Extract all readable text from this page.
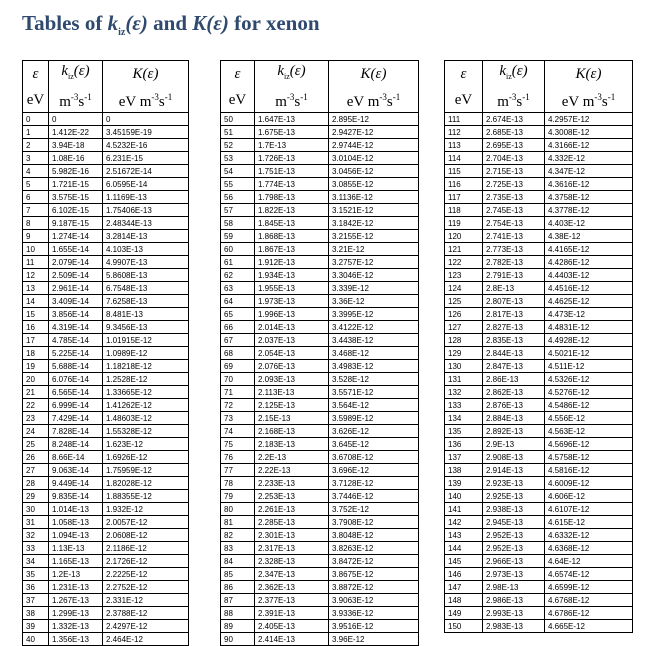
Tables of $k_{iz}(\varepsilon)$ and K(ε) for xenon
ε	$k_{iz}(\varepsilon)$	K(ε)
eV	$m^{-3}s^{-1}$	eV $m^{-3}s^{-1}$
0	0	0
1	1.412E-22	3.45159E-19
2	3.94E-18	4.5232E-16
3	1.08E-16	6.231E-15
4	5.982E-16	2.51672E-14
5	1.721E-15	6.0595E-14
6	3.575E-15	1.1169E-13
7	6.102E-15	1.75406E-13
8	9.187E-15	2.48344E-13
9	1.274E-14	3.2814E-13
10	1.655E-14	4.103E-13
11	2.079E-14	4.9907E-13
12	2.509E-14	5.8608E-13
13	2.961E-14	6.7548E-13
14	3.409E-14	7.6258E-13
15	3.856E-14	8.481E-13
16	4.319E-14	9.3456E-13
17	4.785E-14	1.01915E-12
18	5.225E-14	1.0989E-12
19	5.688E-14	1.18218E-12
20	6.076E-14	1.2528E-12
21	6.565E-14	1.33665E-12
22	6.999E-14	1.41262E-12
23	7.429E-14	1.48603E-12
24	7.828E-14	1.55328E-12
25	8.248E-14	1.623E-12
26	8.66E-14	1.6926E-12
27	9.063E-14	1.75959E-12
28	9.449E-14	1.82028E-12
29	9.835E-14	1.88355E-12
30	1.014E-13	1.932E-12
31	1.058E-13	2.0057E-12
32	1.094E-13	2.0608E-12
33	1.13E-13	2.1186E-12
34	1.165E-13	2.1726E-12
35	1.2E-13	2.2225E-12
36	1.231E-13	2.2752E-12
37	1.267E-13	2.331E-12
38	1.299E-13	2.3788E-12
39	1.332E-13	2.4297E-12
40	1.356E-13	2.464E-12
ε	$k_{iz}(\varepsilon)$	K(ε)
eV	$m^{-3}s^{-1}$	eV $m^{-3}s^{-1}$
50	1.647E-13	2.895E-12
51	1.675E-13	2.9427E-12
52	1.7E-13	2.9744E-12
53	1.726E-13	3.0104E-12
54	1.751E-13	3.0456E-12
55	1.774E-13	3.0855E-12
56	1.798E-13	3.1136E-12
57	1.822E-13	3.1521E-12
58	1.845E-13	3.1842E-12
59	1.868E-13	3.2155E-12
60	1.867E-13	3.21E-12
61	1.912E-13	3.2757E-12
62	1.934E-13	3.3046E-12
63	1.955E-13	3.339E-12
64	1.973E-13	3.36E-12
65	1.996E-13	3.3995E-12
66	2.014E-13	3.4122E-12
67	2.037E-13	3.4438E-12
68	2.054E-13	3.468E-12
69	2.076E-13	3.4983E-12
70	2.093E-13	3.528E-12
71	2.113E-13	3.5571E-12
72	2.125E-13	3.564E-12
73	2.15E-13	3.5989E-12
74	2.168E-13	3.626E-12
75	2.183E-13	3.645E-12
76	2.2E-13	3.6708E-12
77	2.22E-13	3.696E-12
78	2.233E-13	3.7128E-12
79	2.253E-13	3.7446E-12
80	2.261E-13	3.752E-12
81	2.285E-13	3.7908E-12
82	2.301E-13	3.8048E-12
83	2.317E-13	3.8263E-12
84	2.328E-13	3.8472E-12
85	2.347E-13	3.8675E-12
86	2.362E-13	3.8872E-12
87	2.377E-13	3.9063E-12
88	2.391E-13	3.9336E-12
89	2.405E-13	3.9516E-12
90	2.414E-13	3.96E-12
ε	$k_{iz}(\varepsilon)$	K(ε)
eV	$m^{-3}s^{-1}$	eV $m^{-3}s^{-1}$
111	2.674E-13	4.2957E-12
112	2.685E-13	4.3008E-12
113	2.695E-13	4.3166E-12
114	2.704E-13	4.332E-12
115	2.715E-13	4.347E-12
116	2.725E-13	4.3616E-12
117	2.735E-13	4.3758E-12
118	2.745E-13	4.3778E-12
119	2.754E-13	4.403E-12
120	2.741E-13	4.38E-12
121	2.773E-13	4.4165E-12
122	2.782E-13	4.4286E-12
123	2.791E-13	4.4403E-12
124	2.8E-13	4.4516E-12
125	2.807E-13	4.4625E-12
126	2.817E-13	4.473E-12
127	2.827E-13	4.4831E-12
128	2.835E-13	4.4928E-12
129	2.844E-13	4.5021E-12
130	2.847E-13	4.511E-12
131	2.86E-13	4.5326E-12
132	2.862E-13	4.5276E-12
133	2.876E-13	4.5486E-12
134	2.884E-13	4.556E-12
135	2.892E-13	4.563E-12
136	2.9E-13	4.5696E-12
137	2.908E-13	4.5758E-12
138	2.914E-13	4.5816E-12
139	2.923E-13	4.6009E-12
140	2.925E-13	4.606E-12
141	2.938E-13	4.6107E-12
142	2.945E-13	4.615E-12
143	2.952E-13	4.6332E-12
144	2.952E-13	4.6368E-12
145	2.966E-13	4.64E-12
146	2.973E-13	4.6574E-12
147	2.98E-13	4.6599E-12
148	2.986E-13	4.6768E-12
149	2.993E-13	4.6786E-12
150	2.983E-13	4.665E-12
